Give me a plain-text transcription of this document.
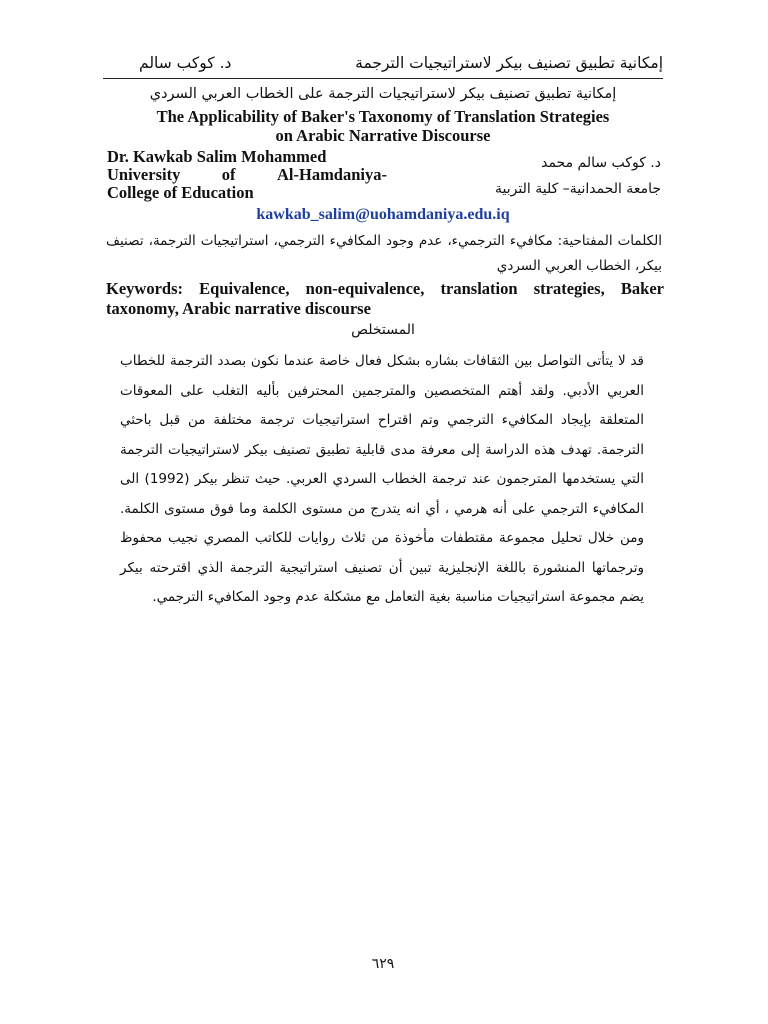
إمكانية تطبيق تصنيف بيكر لاستراتيجيات الترجمة
د. كوكب سالم
إمكانية تطبيق تصنيف بيكر لاستراتيجيات الترجمة على الخطاب العربي السردي
The Applicability of Baker's Taxonomy of Translation Strategies
on Arabic Narrative Discourse
Dr. Kawkab Salim Mohammed
University	of	Al-Hamdaniya-
College of Education
د. كوكب سالم محمد
جامعة الحمدانية– كلية التربية
kawkab_salim@uohamdaniya.edu.iq
الكلمات المفتاحية: مكافيء الترجميء، عدم وجود المكافيء الترجمي، استراتيجيات الترجمة، تصنيف بيكر، الخطاب العربي السردي
Keywords: Equivalence, non-equivalence, translation strategies, Baker taxonomy, Arabic narrative discourse
المستخلص
قد لا يتأتى التواصل بين الثقافات بشاره بشكل فعال خاصة عندما نكون بصدد الترجمة للخطاب العربي الأدبي. ولقد أهتم المتخصصين والمترجمين المحترفين بأليه التغلب على المعوقات المتعلقة بإيجاد المكافيء الترجمي وتم اقتراح استراتيجيات ترجمة مختلفة من قبل باحثي الترجمة. تهدف هذه الدراسة إلى معرفة مدى قابلية تطبيق تصنيف بيكر لاستراتيجيات الترجمة التي يستخدمها المترجمون عند ترجمة الخطاب السردي العربي. حيث تنظر بيكر (1992) الى المكافيء الترجمي على أنه هرمي ، أي انه يتدرج من مستوى الكلمة وما فوق مستوى الكلمة. ومن خلال تحليل مجموعة مقتطفات مأخوذة من ثلاث روايات للكاتب المصري نجيب محفوظ وترجماتها المنشورة باللغة الإنجليزية تبين أن تصنيف استراتيجية الترجمة الذي اقترحته بيكر يضم مجموعة استراتيجيات مناسبة بغية التعامل مع مشكلة عدم وجود المكافيء الترجمي.
٦٢٩
